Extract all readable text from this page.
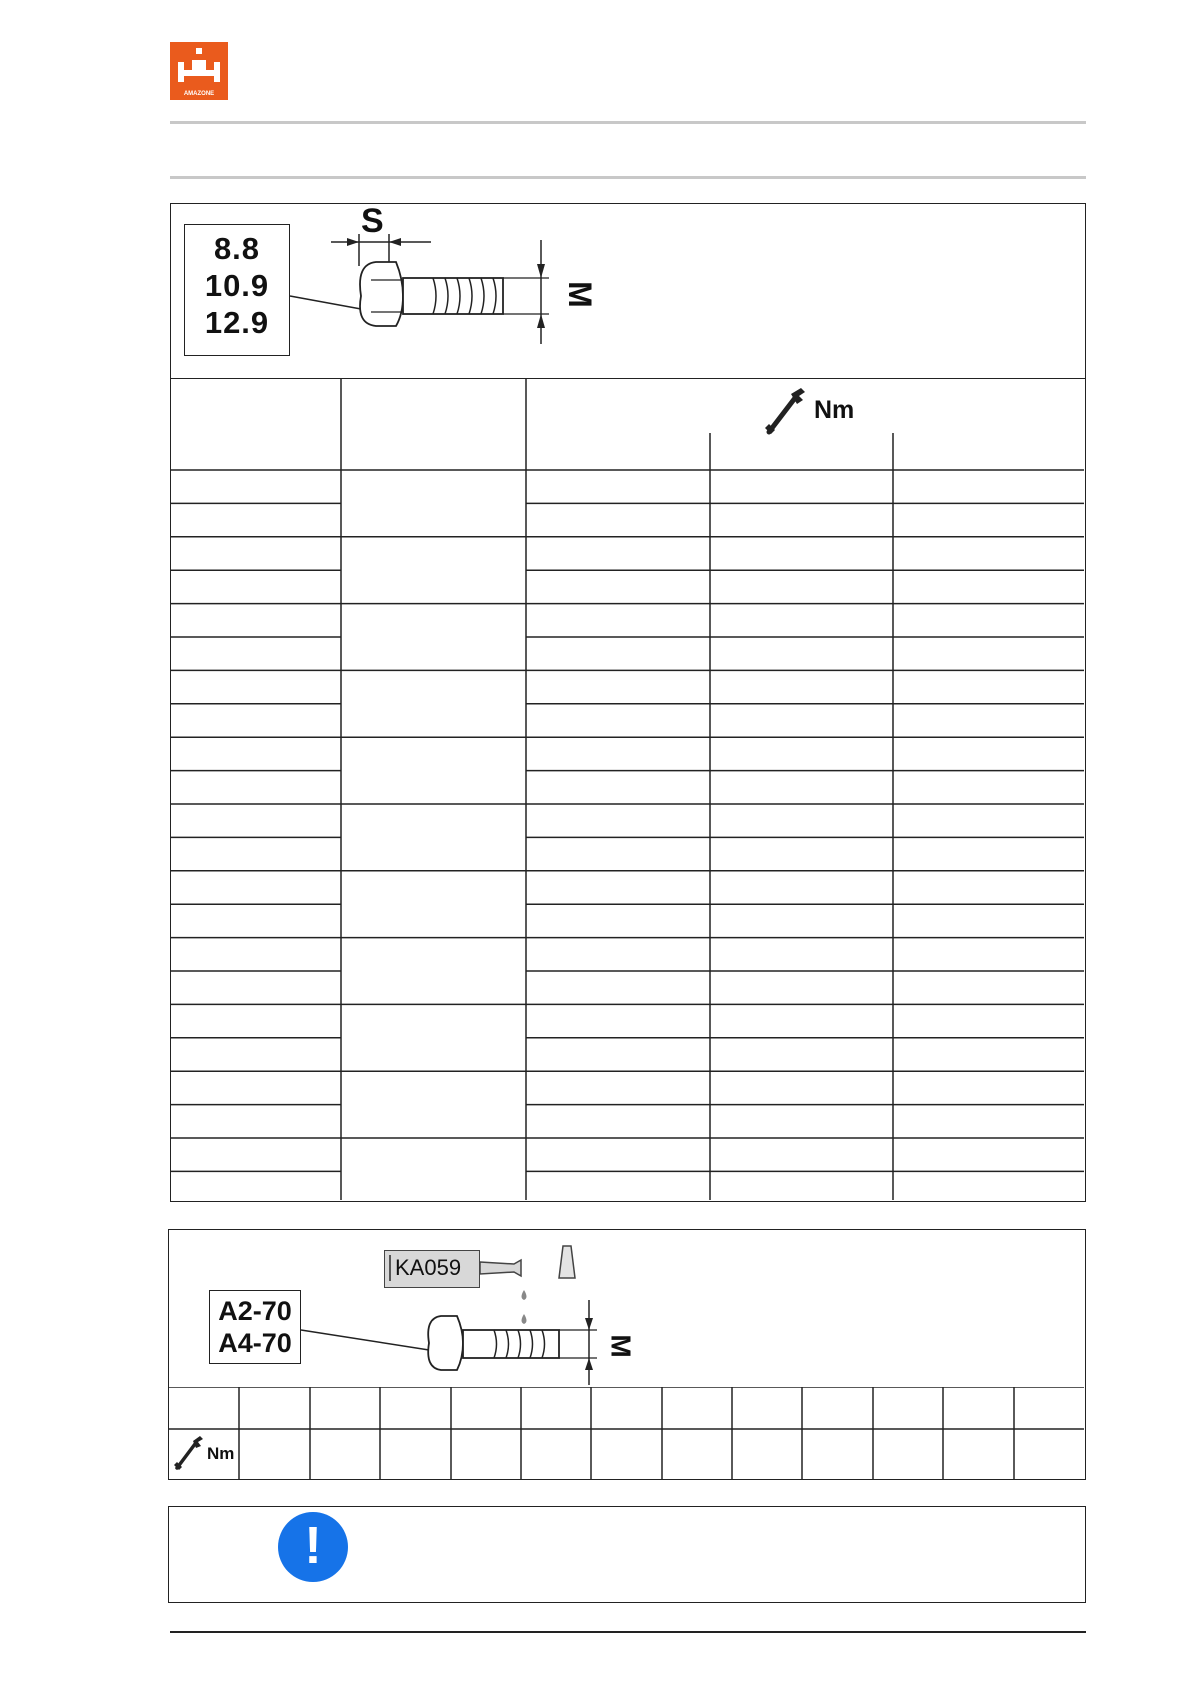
AMAZONE
8.8
10.9
12.9
S
M
Nm
KA059
A2-70
A4-70	M
Nm
!
